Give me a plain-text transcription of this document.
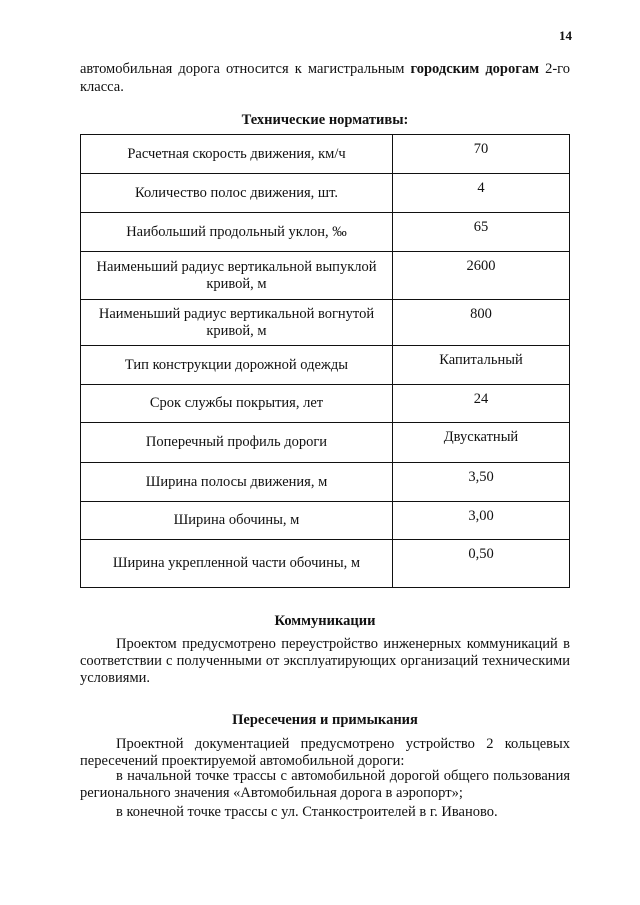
14
автомобильная дорога относится к магистральным городским дорогам 2-го класса.
Технические нормативы:
Расчетная скорость движения, км/ч	70
Количество полос движения, шт.	4
Наибольший продольный уклон, ‰	65
Наименьший радиус вертикальной выпуклой кривой, м	2600
Наименьший радиус вертикальной вогнутой кривой, м	800
Тип конструкции дорожной одежды	Капитальный
Срок службы покрытия, лет	24
Поперечный профиль дороги	Двускатный
Ширина полосы движения, м	3,50
Ширина обочины, м	3,00
Ширина укрепленной части обочины, м	0,50
Коммуникации
Проектом предусмотрено переустройство инженерных коммуникаций в соответствии с полученными от эксплуатирующих организаций техническими условиями.
Пересечения и примыкания
Проектной документацией предусмотрено устройство 2 кольцевых пересечений проектируемой автомобильной дороги:
в начальной точке трассы с автомобильной дорогой общего пользования регионального значения «Автомобильная дорога в аэропорт»;
в конечной точке трассы с ул. Станкостроителей в г. Иваново.
